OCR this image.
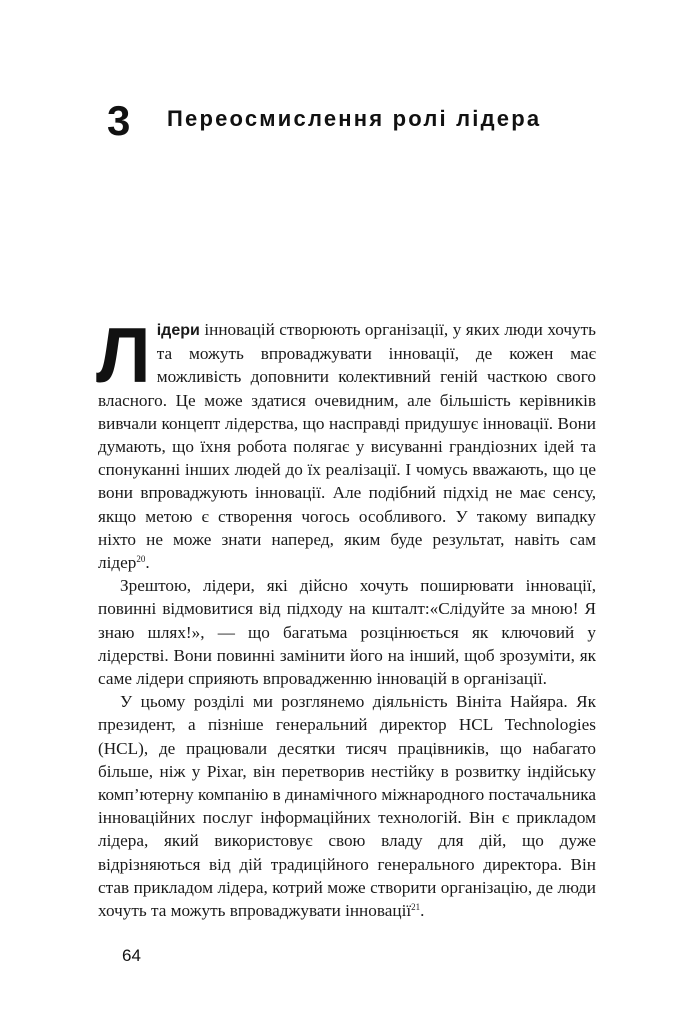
3 Переосмислення ролі лідера

Лідери інновацій створюють організації, у яких люди хочуть та можуть впроваджувати інновації, де кожен має можливість доповнити колективний геній часткою свого власного. Це може здатися очевидним, але більшість керівників вивчали концепт лідерства, що насправді придушує інновації. Вони думають, що їхня робота полягає у висуванні грандіозних ідей та спонуканні інших людей до їх реалізації. І чомусь вважають, що це вони впроваджують інновації. Але подібний підхід не має сенсу, якщо метою є створення чогось особливого. У такому випадку ніхто не може знати наперед, яким буде результат, навіть сам лідер$^{20}$.

Зрештою, лідери, які дійсно хочуть поширювати інновації, повинні відмовитися від підходу на кшталт:«Слідуйте за мною! Я знаю шлях!», — що багатьма розцінюється як ключовий у лідерстві. Вони повинні замінити його на інший, щоб зрозуміти, як саме лідери сприяють впровадженню інновацій в організації.

У цьому розділі ми розглянемо діяльність Вініта Найяра. Як президент, а пізніше генеральний директор HCL Technologies (HCL), де працювали десятки тисяч працівників, що набагато більше, ніж у Pixar, він перетворив нестійку в розвитку індійську комп’ютерну компанію в динамічного міжнародного постачальника інноваційних послуг інформаційних технологій. Він є прикладом лідера, який використовує свою владу для дій, що дуже відрізняються від дій традиційного генерального директора. Він став прикладом лідера, котрий може створити організацію, де люди хочуть та можуть впроваджувати інновації$^{21}$.

64
